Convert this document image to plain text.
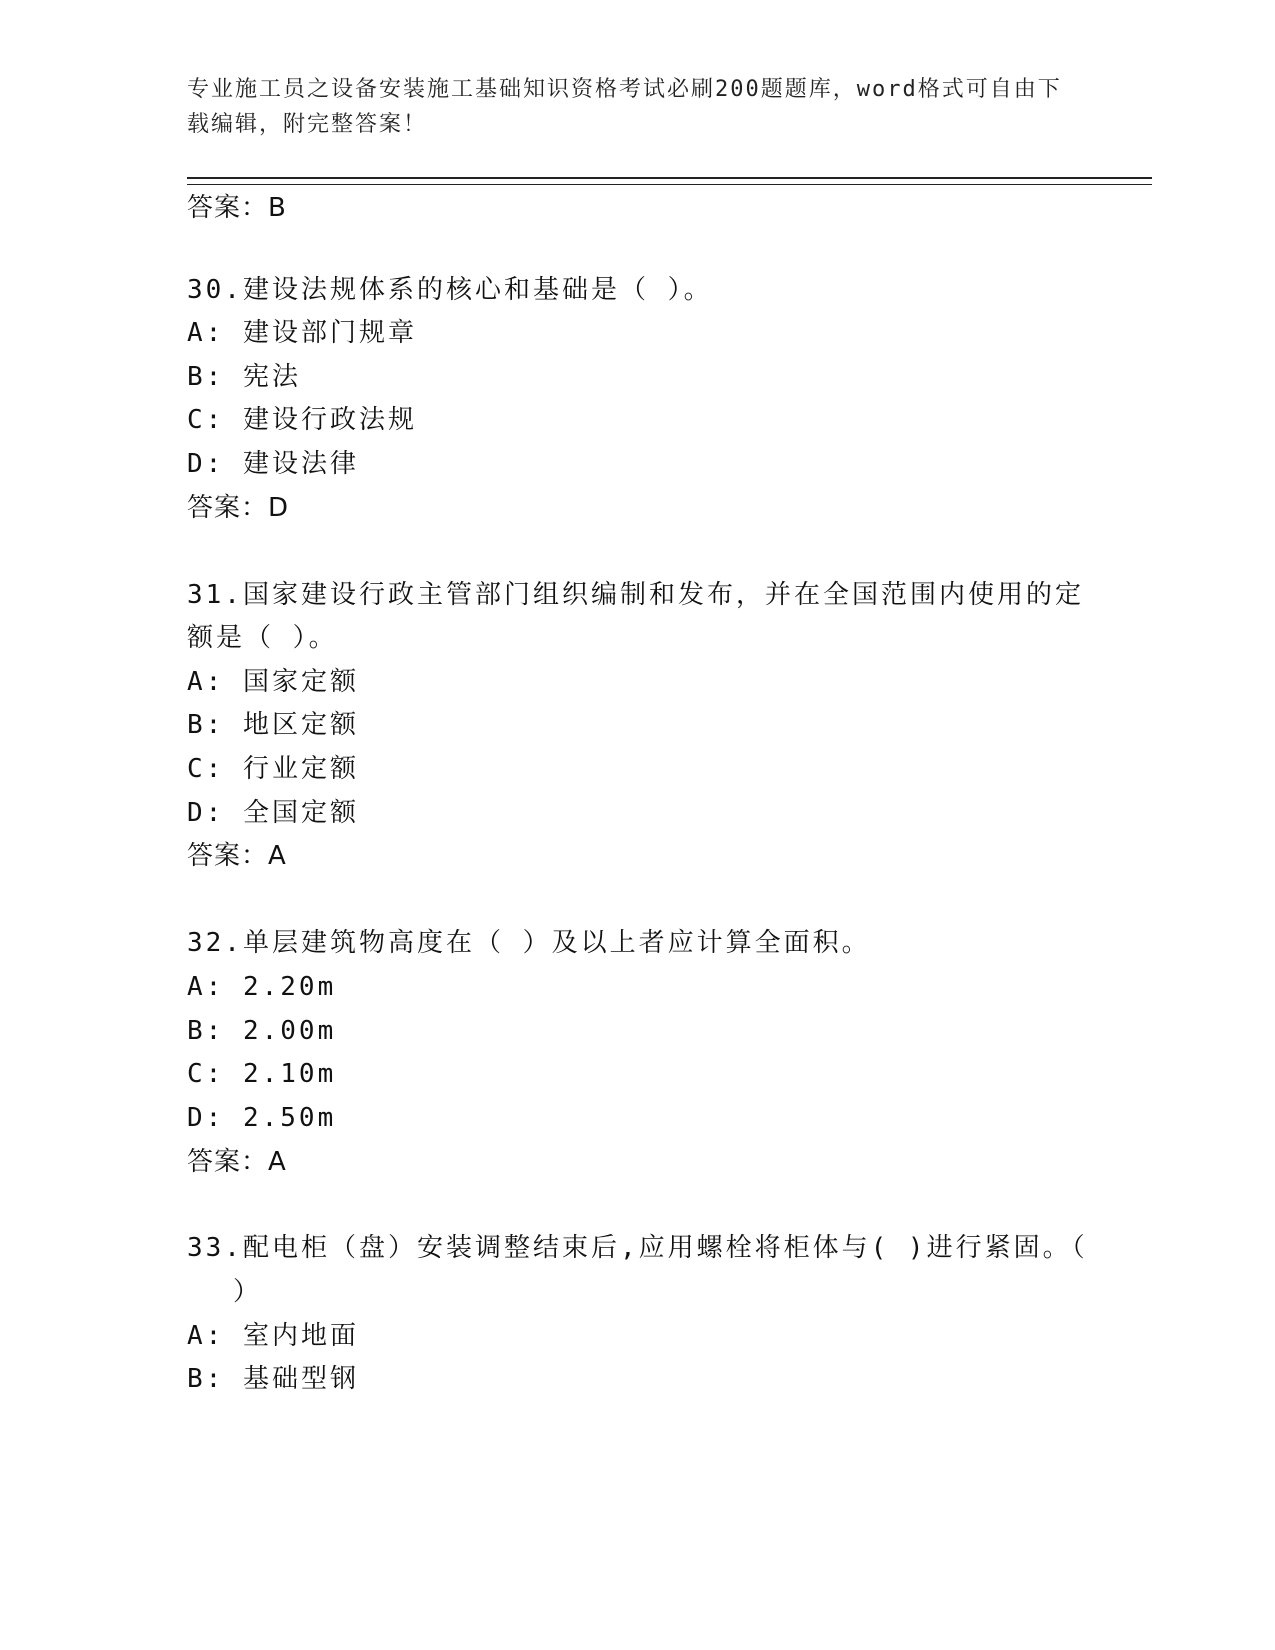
专业施工员之设备安装施工基础知识资格考试必刷200题题库，word格式可自由下载编辑，附完整答案！
答案：B
30.建设法规体系的核心和基础是（ ）。
A: 建设部门规章
B: 宪法
C: 建设行政法规
D: 建设法律
答案：D
31.国家建设行政主管部门组织编制和发布，并在全国范围内使用的定
额是（ ）。
A: 国家定额
B: 地区定额
C: 行业定额
D: 全国定额
答案：A
32.单层建筑物高度在（ ）及以上者应计算全面积。
A: 2.20m
B: 2.00m
C: 2.10m
D: 2.50m
答案：A
33.配电柜（盘）安装调整结束后,应用螺栓将柜体与( )进行紧固。（
）
A: 室内地面
B: 基础型钢
